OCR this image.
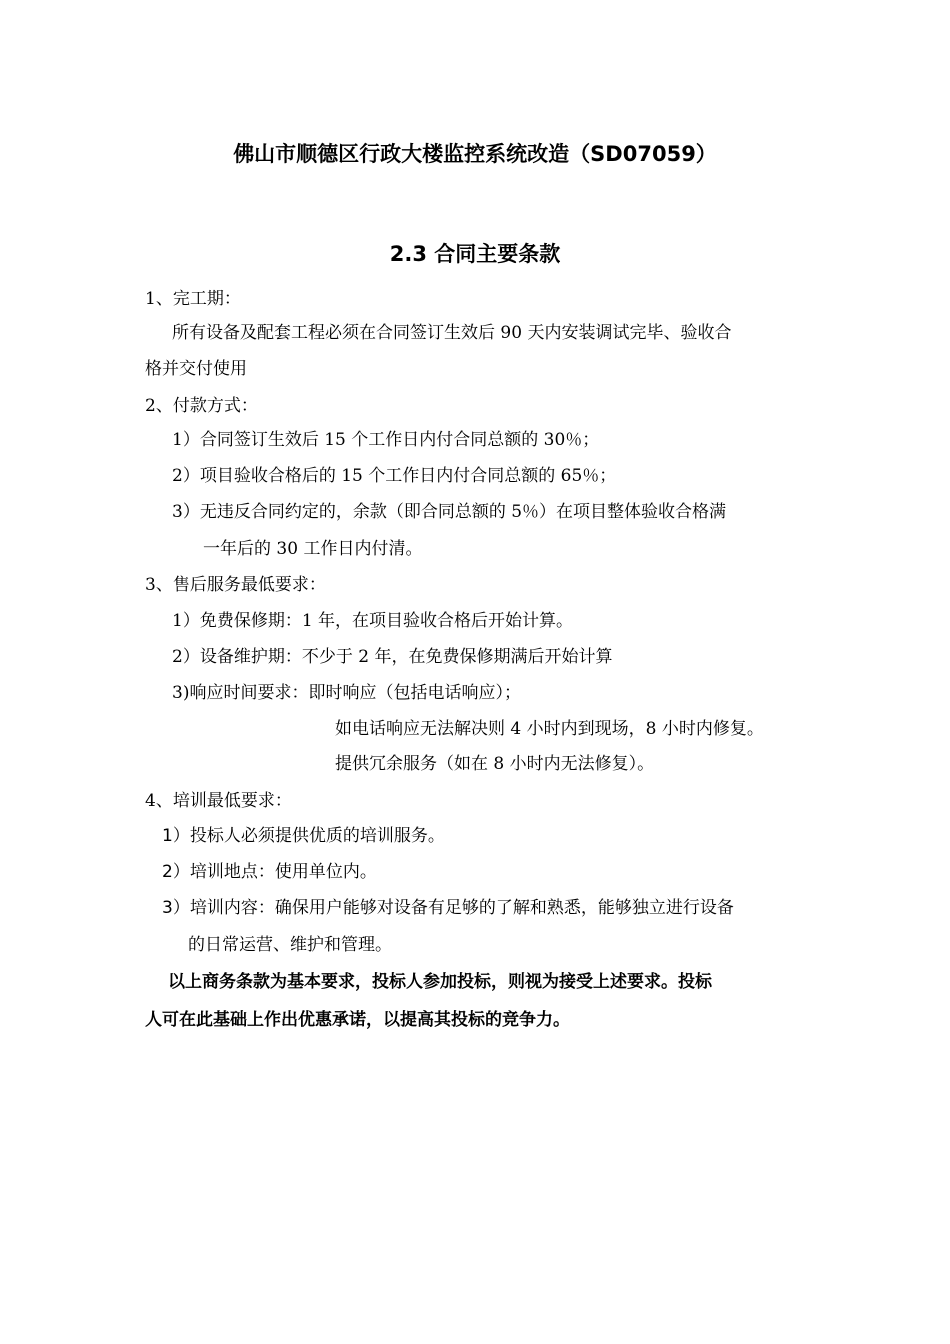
佛山市顺德区行政大楼监控系统改造（SD07059）
2.3 合同主要条款
1、完工期：
所有设备及配套工程必须在合同签订生效后 90 天内安装调试完毕、验收合
格并交付使用
2、付款方式：
1）合同签订生效后 15 个工作日内付合同总额的 30％；
2）项目验收合格后的 15 个工作日内付合同总额的 65％；
3）无违反合同约定的，余款（即合同总额的 5％）在项目整体验收合格满
一年后的 30 工作日内付清。
3、售后服务最低要求：
1）免费保修期：1 年，在项目验收合格后开始计算。
2）设备维护期：不少于 2 年，在免费保修期满后开始计算
3)响应时间要求：即时响应（包括电话响应）；
如电话响应无法解决则 4 小时内到现场，8 小时内修复。
提供冗余服务（如在 8 小时内无法修复）。
4、培训最低要求：
1）投标人必须提供优质的培训服务。
2）培训地点：使用单位内。
3）培训内容：确保用户能够对设备有足够的了解和熟悉，能够独立进行设备
的日常运营、维护和管理。
以上商务条款为基本要求，投标人参加投标，则视为接受上述要求。投标
人可在此基础上作出优惠承诺，以提高其投标的竞争力。
